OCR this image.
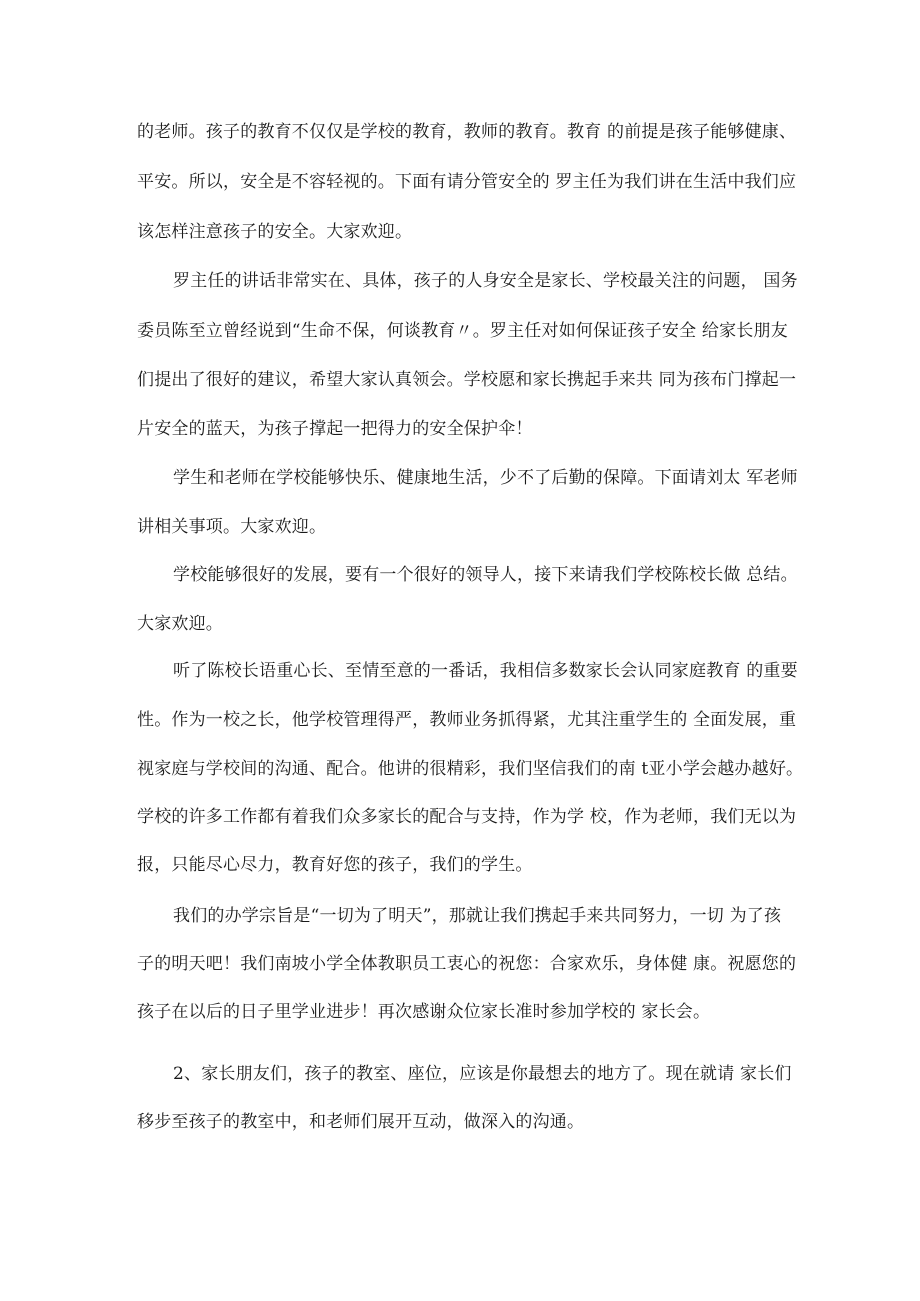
的老师。孩子的教育不仅仅是学校的教育，教师的教育。教育 的前提是孩子能够健康、
平安。所以，安全是不容轻视的。下面有请分管安全的 罗主任为我们讲在生活中我们应
该怎样注意孩子的安全。大家欢迎。
罗主任的讲话非常实在、具体，孩子的人身安全是家长、学校最关注的问题， 国务
委员陈至立曾经说到“生命不保，何谈教育〃。罗主任对如何保证孩子安全 给家长朋友
们提出了很好的建议，希望大家认真领会。学校愿和家长携起手来共 同为孩布门撑起一
片安全的蓝天，为孩子撑起一把得力的安全保护伞！
学生和老师在学校能够快乐、健康地生活，少不了后勤的保障。下面请刘太 军老师
讲相关事项。大家欢迎。
学校能够很好的发展，要有一个很好的领导人，接下来请我们学校陈校长做 总结。
大家欢迎。
听了陈校长语重心长、至情至意的一番话，我相信多数家长会认同家庭教育 的重要
性。作为一校之长，他学校管理得严，教师业务抓得紧，尤其注重学生的 全面发展，重
视家庭与学校间的沟通、配合。他讲的很精彩，我们坚信我们的南 t亚小学会越办越好。
学校的许多工作都有着我们众多家长的配合与支持，作为学 校，作为老师，我们无以为
报，只能尽心尽力，教育好您的孩子，我们的学生。
我们的办学宗旨是“一切为了明天”，那就让我们携起手来共同努力，一切 为了孩
子的明天吧！我们南坡小学全体教职员工衷心的祝您：合家欢乐，身体健 康。祝愿您的
孩子在以后的日子里学业进步！再次感谢众位家长准时参加学校的 家长会。
2、家长朋友们，孩子的教室、座位，应该是你最想去的地方了。现在就请 家长们
移步至孩子的教室中，和老师们展开互动，做深入的沟通。
